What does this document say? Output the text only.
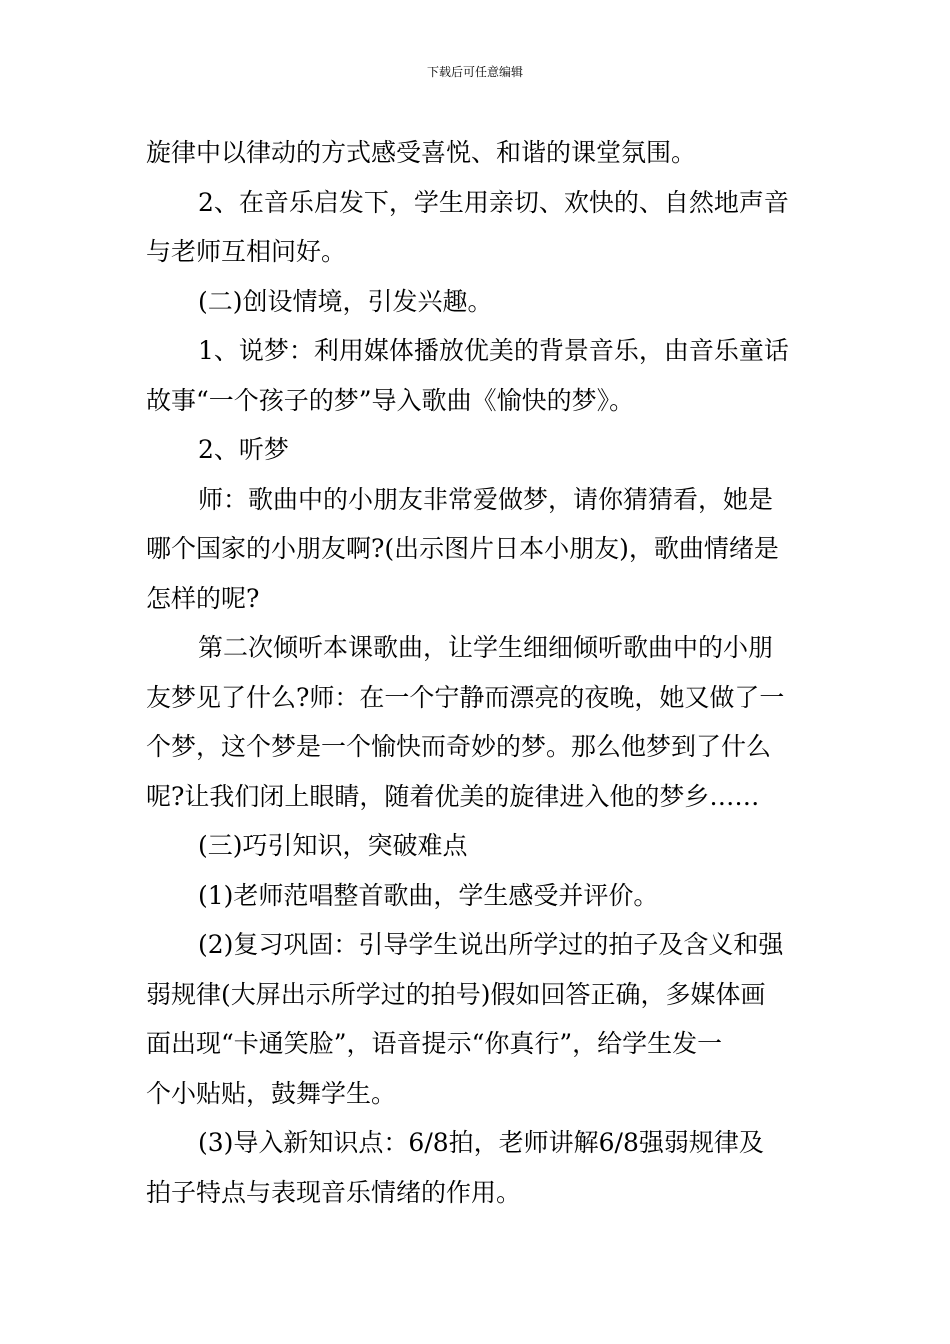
下载后可任意编辑
旋律中以律动的方式感受喜悦、和谐的课堂氛围。
2、在音乐启发下，学生用亲切、欢快的、自然地声音
与老师互相问好。
(二)创设情境，引发兴趣。
1、说梦：利用媒体播放优美的背景音乐，由音乐童话
故事“一个孩子的梦”导入歌曲《愉快的梦》。
2、听梦
师：歌曲中的小朋友非常爱做梦，请你猜猜看，她是
哪个国家的小朋友啊?(出示图片日本小朋友)，歌曲情绪是
怎样的呢?
第二次倾听本课歌曲，让学生细细倾听歌曲中的小朋
友梦见了什么?师：在一个宁静而漂亮的夜晚，她又做了一
个梦，这个梦是一个愉快而奇妙的梦。那么他梦到了什么
呢?让我们闭上眼睛，随着优美的旋律进入他的梦乡……
(三)巧引知识，突破难点
(1)老师范唱整首歌曲，学生感受并评价。
(2)复习巩固：引导学生说出所学过的拍子及含义和强
弱规律(大屏出示所学过的拍号)假如回答正确，多媒体画
面出现“卡通笑脸”，语音提示“你真行”，给学生发一
个小贴贴，鼓舞学生。
(3)导入新知识点：6/8拍，老师讲解6/8强弱规律及
拍子特点与表现音乐情绪的作用。
